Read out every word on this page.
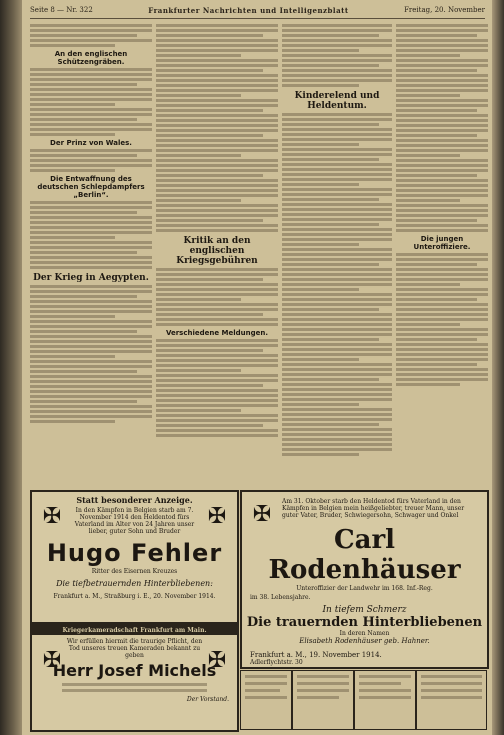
Seite 8 — Nr. 322	Frankfurter Nachrichten und Intelligenzblatt	Freitag, 20. November
An den englischen Schützengräben.
Der Prinz von Wales.
Die Entwaffnung des deutschen Schlepdampfers „Berlin“.
Der Krieg in Aegypten.
Kritik an den englischen Kriegsgebühren
Verschiedene Meldungen.
Kinderelend und Heldentum.
Die jungen Unteroffiziere.
✠	✠
Statt besonderer Anzeige.
In den Kämpfen in Belgien starb am 7. November 1914 den Heldentod fürs Vaterland im Alter von 24 Jahren unser lieber, guter Sohn und Bruder
Hugo Fehler
Ritter des Eisernen Kreuzes
Die tiefbetrauernden Hinterbliebenen:
Frankfurt a. M., Straßburg i. E., 20. November 1914.
Kriegerkameradschaft Frankfurt am Main.
✠	✠
Wir erfüllen hiermit die traurige Pflicht, den Tod unseres treuen Kameraden bekannt zu geben
Herr Josef Michels
Der Vorstand.
✠	Am 31. Oktober starb den Heldentod fürs Vaterland in den Kämpfen in Belgien mein heißgeliebter, treuer Mann, unser guter Vater, Bruder, Schwiegersohn, Schwager und Onkel
Carl Rodenhäuser
Unteroffizier der Landwehr im 168. Inf.-Reg.
im 38. Lebensjahre.
In tiefem Schmerz
Die trauernden Hinterbliebenen
In deren Namen
Elisabeth Rodenhäuser geb. Hahner.
Frankfurt a. M., 19. November 1914.
Adlerflychtstr. 30
